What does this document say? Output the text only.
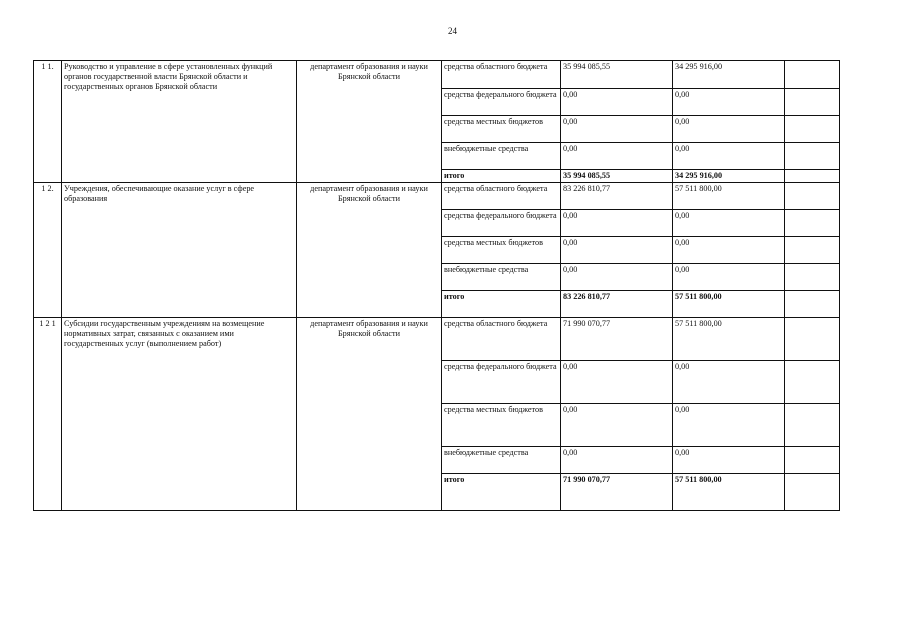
24
1 1.	Руководство и управление в сфере установленных функций органов государственной власти Брянской области и государственных органов Брянской области	департамент образования и науки Брянской области	средства областного бюджета	35 994 085,55	34 295 916,00	
			средства федерального бюджета	0,00	0,00	
			средства местных бюджетов	0,00	0,00	
			внебюджетные средства	0,00	0,00	
			итого	35 994 085,55	34 295 916,00	
1 2.	Учреждения, обеспечивающие оказание услуг в сфере образования	департамент образования и науки Брянской области	средства областного бюджета	83 226 810,77	57 511 800,00	
			средства федерального бюджета	0,00	0,00	
			средства местных бюджетов	0,00	0,00	
			внебюджетные средства	0,00	0,00	
			итого	83 226 810,77	57 511 800,00	
1 2 1	Субсидии государственным учреждениям на возмещение нормативных затрат, связанных с оказанием ими государственных услуг (выполнением работ)	департамент образования и науки Брянской области	средства областного бюджета	71 990 070,77	57 511 800,00	
			средства федерального бюджета	0,00	0,00	
			средства местных бюджетов	0,00	0,00	
			внебюджетные средства	0,00	0,00	
			итого	71 990 070,77	57 511 800,00	
